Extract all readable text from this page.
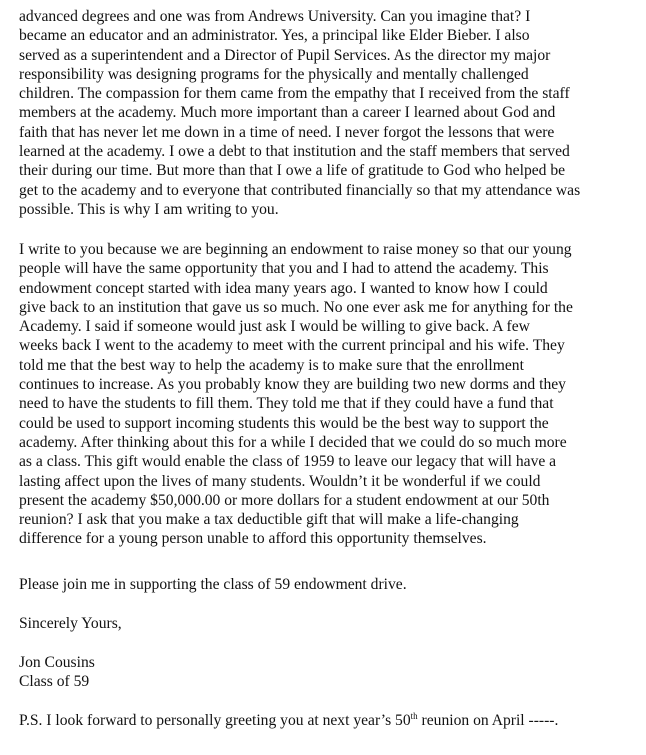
advanced degrees and one was from Andrews University. Can you imagine that? I
became an educator and an administrator. Yes, a principal like Elder Bieber. I also
served as a superintendent and a Director of Pupil Services. As the director my major
responsibility was designing programs for the physically and mentally challenged
children. The compassion for them came from the empathy that I received from the staff
members at the academy. Much more important than a career I learned about God and
faith that has never let me down in a time of need. I never forgot the lessons that were
learned at the academy. I owe a debt to that institution and the staff members that served
their during our time. But more than that I owe a life of gratitude to God who helped be
get to the academy and to everyone that contributed financially so that my attendance was
possible. This is why I am writing to you.
I write to you because we are beginning an endowment to raise money so that our young
people will have the same opportunity that you and I had to attend the academy. This
endowment concept started with idea many years ago. I wanted to know how I could
give back to an institution that gave us so much. No one ever ask me for anything for the
Academy. I said if someone would just ask I would be willing to give back. A few
weeks back I went to the academy to meet with the current principal and his wife. They
told me that the best way to help the academy is to make sure that the enrollment
continues to increase. As you probably know they are building two new dorms and they
need to have the students to fill them. They told me that if they could have a fund that
could be used to support incoming students this would be the best way to support the
academy. After thinking about this for a while I decided that we could do so much more
as a class. This gift would enable the class of 1959 to leave our legacy that will have a
lasting affect upon the lives of many students. Wouldn’t it be wonderful if we could
present the academy $50,000.00 or more dollars for a student endowment at our 50th
reunion? I ask that you make a tax deductible gift that will make a life-changing
difference for a young person unable to afford this opportunity themselves.

Please join me in supporting the class of 59 endowment drive.

Sincerely Yours,

Jon Cousins
Class of 59

P.S. I look forward to personally greeting you at next year’s 50th reunion on April -----.
